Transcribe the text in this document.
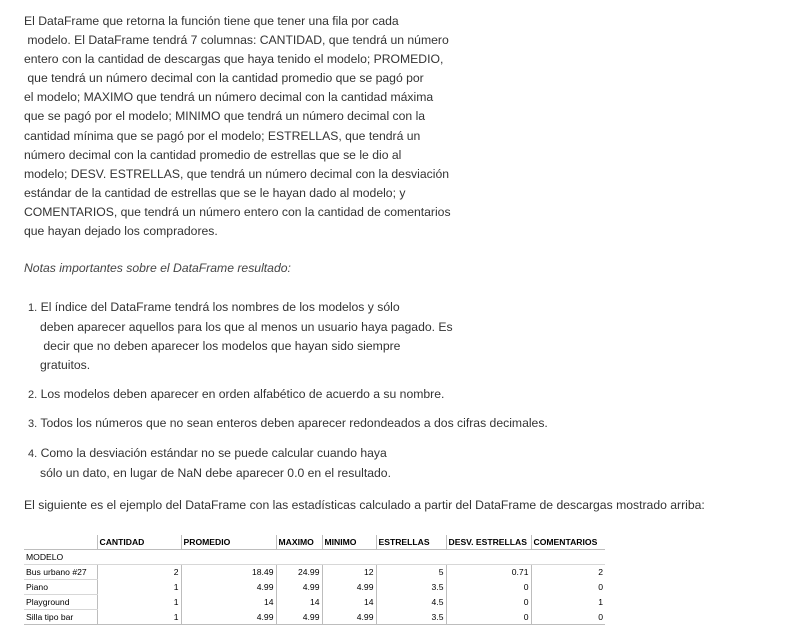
El DataFrame que retorna la función tiene que tener una fila por cada
modelo. El DataFrame tendrá 7 columnas: CANTIDAD, que tendrá un número
entero con la cantidad de descargas que haya tenido el modelo; PROMEDIO,
que tendrá un número decimal con la cantidad promedio que se pagó por
el modelo; MAXIMO que tendrá un número decimal con la cantidad máxima
que se pagó por el modelo; MINIMO que tendrá un número decimal con la
cantidad mínima que se pagó por el modelo; ESTRELLAS, que tendrá un
número decimal con la cantidad promedio de estrellas que se le dio al
modelo; DESV. ESTRELLAS, que tendrá un número decimal con la desviación
estándar de la cantidad de estrellas que se le hayan dado al modelo; y
COMENTARIOS, que tendrá un número entero con la cantidad de comentarios
que hayan dejado los compradores.
Notas importantes sobre el DataFrame resultado:
1. El índice del DataFrame tendrá los nombres de los modelos y sólo
deben aparecer aquellos para los que al menos un usuario haya pagado. Es
decir que no deben aparecer los modelos que hayan sido siempre
gratuitos.
2. Los modelos deben aparecer en orden alfabético de acuerdo a su nombre.
3. Todos los números que no sean enteros deben aparecer redondeados a dos cifras decimales.
4. Como la desviación estándar no se puede calcular cuando haya
sólo un dato, en lugar de NaN debe aparecer 0.0 en el resultado.
El siguiente es el ejemplo del DataFrame con las estadísticas calculado a partir del DataFrame de descargas mostrado arriba:
	CANTIDAD	PROMEDIO	MAXIMO	MINIMO	ESTRELLAS	DESV. ESTRELLAS	COMENTARIOS
MODELO							
Bus urbano #27	2	18.49	24.99	12	5	0.71	2
Piano	1	4.99	4.99	4.99	3.5	0	0
Playground	1	14	14	14	4.5	0	1
Silla tipo bar	1	4.99	4.99	4.99	3.5	0	0
